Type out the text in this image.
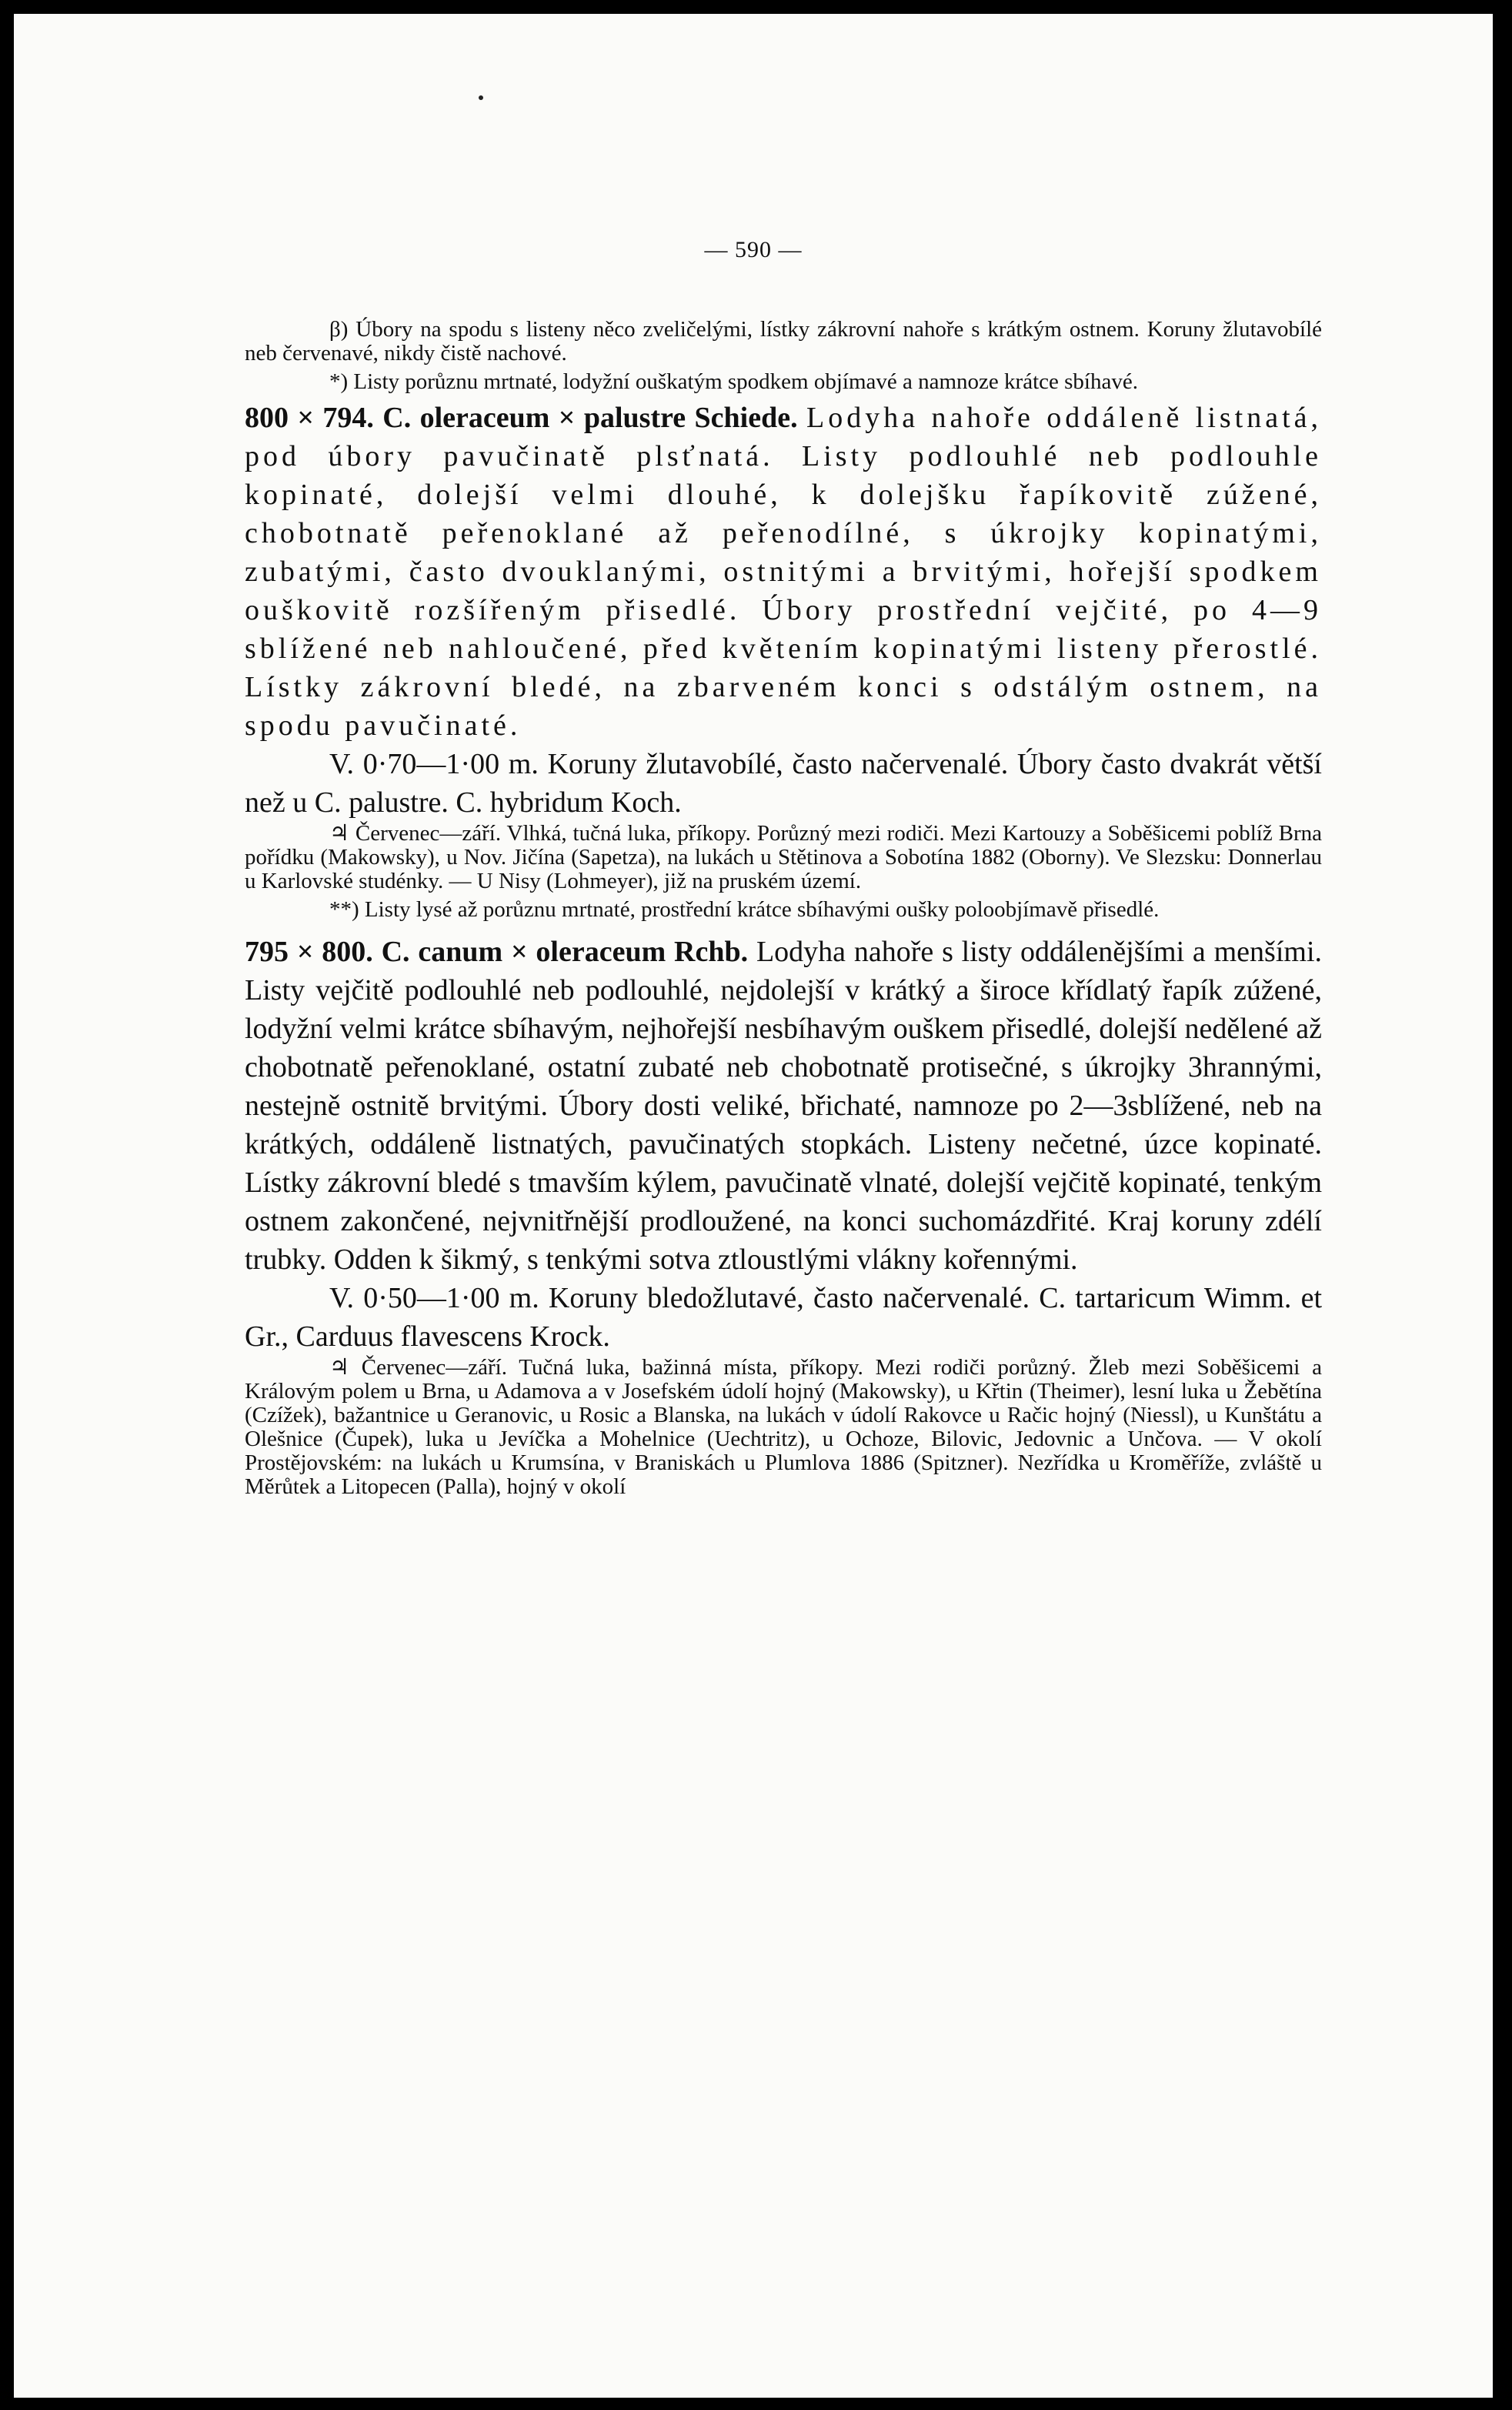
— 590 —

β) Úbory na spodu s listeny něco zveličelými, lístky zákrovní nahoře s krátkým ostnem. Koruny žlutavobílé neb červenavé, nikdy čistě nachové.

*) Listy porůznu mrtnaté, lodyžní ouškatým spodkem objímavé a namnoze krátce sbíhavé.

800 × 794. C. oleraceum × palustre Schiede. Lodyha nahoře oddáleně listnatá, pod úbory pavučinatě plsťnatá. Listy podlouhlé neb podlouhle kopinaté, dolejší velmi dlouhé, k dolejšku řapíkovitě zúžené, chobotnatě peřenoklané až peřenodílné, s úkrojky kopinatými, zubatými, často dvouklanými, ostnitými a brvitými, hořejší spodkem ouškovitě rozšířeným přisedlé. Úbory prostřední vejčité, po 4—9 sblížené neb nahloučené, před květením kopinatými listeny přerostlé. Lístky zákrovní bledé, na zbarveném konci s odstálým ostnem, na spodu pavučinaté.

V. 0·70—1·00 m. Koruny žlutavobílé, často načervenalé. Úbory často dvakrát větší než u C. palustre. C. hybridum Koch.

♃ Červenec—září. Vlhká, tučná luka, příkopy. Porůzný mezi rodiči. Mezi Kartouzy a Soběšicemi poblíž Brna pořídku (Makowsky), u Nov. Jičína (Sapetza), na lukách u Stětinova a Sobotína 1882 (Oborny). Ve Slezsku: Donnerlau u Karlovské studénky. — U Nisy (Lohmeyer), již na pruském území.

**) Listy lysé až porůznu mrtnaté, prostřední krátce sbíhavými oušky poloobjímavě přisedlé.

795 × 800. C. canum × oleraceum Rchb. Lodyha nahoře s listy oddálenějšími a menšími. Listy vejčitě podlouhlé neb podlouhlé, nejdolejší v krátký a široce křídlatý řapík zúžené, lodyžní velmi krátce sbíhavým, nejhořejší nesbíhavým ouškem přisedlé, dolejší nedělené až chobotnatě peřenoklané, ostatní zubaté neb chobotnatě protisečné, s úkrojky 3hrannými, nestejně ostnitě brvitými. Úbory dosti veliké, břichaté, namnoze po 2—3sblížené, neb na krátkých, oddáleně listnatých, pavučinatých stopkách. Listeny nečetné, úzce kopinaté. Lístky zákrovní bledé s tmavším kýlem, pavučinatě vlnaté, dolejší vejčitě kopinaté, tenkým ostnem zakončené, nejvnitřnější prodloužené, na konci suchomázdřité. Kraj koruny zdélí trubky. Odden k šikmý, s tenkými sotva ztloustlými vlákny kořennými.

V. 0·50—1·00 m. Koruny bledožlutavé, často načervenalé. C. tartaricum Wimm. et Gr., Carduus flavescens Krock.

♃ Červenec—září. Tučná luka, bažinná místa, příkopy. Mezi rodiči porůzný. Žleb mezi Soběšicemi a Královým polem u Brna, u Adamova a v Josefském údolí hojný (Makowsky), u Křtin (Theimer), lesní luka u Žebětína (Czížek), bažantnice u Geranovic, u Rosic a Blanska, na lukách v údolí Rakovce u Račic hojný (Niessl), u Kunštátu a Olešnice (Čupek), luka u Jevíčka a Mohelnice (Uechtritz), u Ochoze, Bilovic, Jedovnic a Unčova. — V okolí Prostějovském: na lukách u Krumsína, v Braniskách u Plumlova 1886 (Spitzner). Nezřídka u Kroměříže, zvláště u Měrůtek a Litopecen (Palla), hojný v okolí
